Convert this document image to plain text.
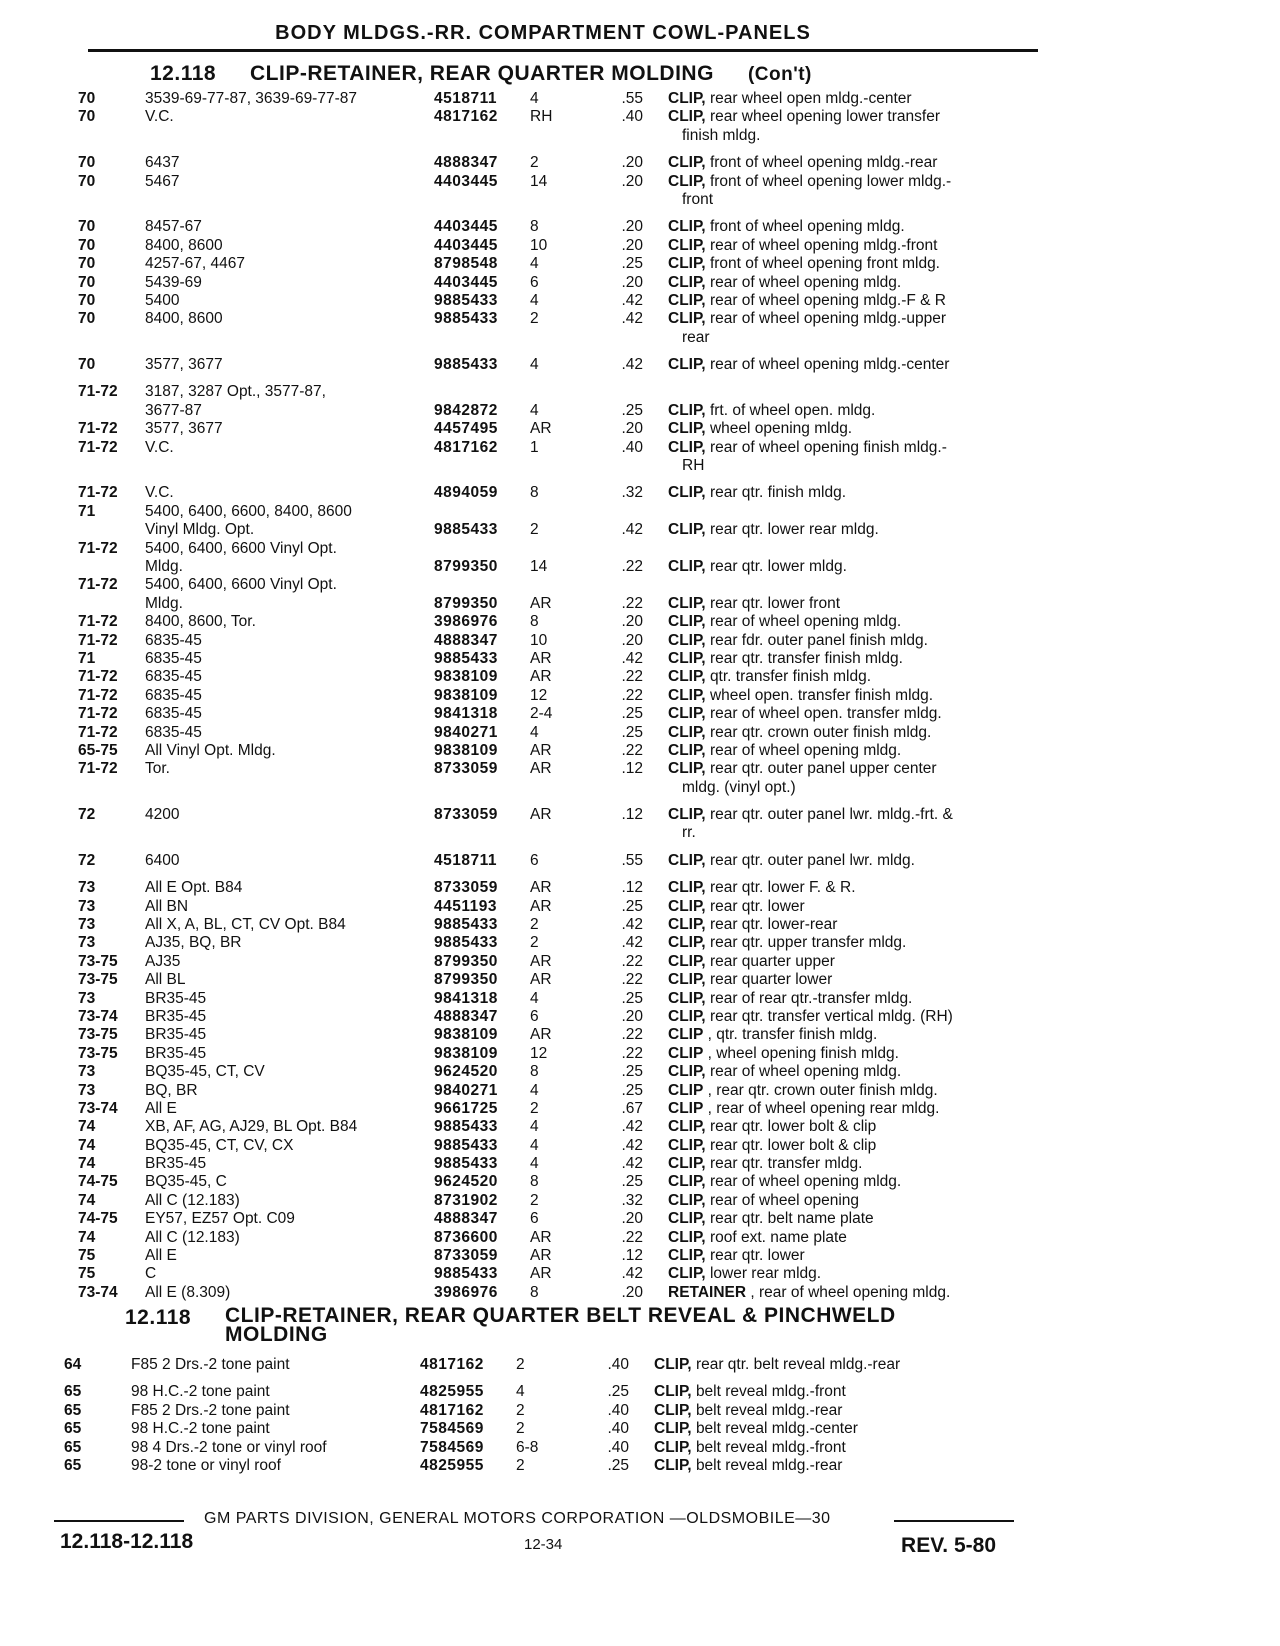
BODY MLDGS.-RR. COMPARTMENT COWL-PANELS
12.118 CLIP-RETAINER, REAR QUARTER MOLDING (Con't)
70	3539-69-77-87, 3639-69-77-87 . . .	4518711 4	.55 CLIP, rear wheel open mldg.-center . . .
70	V.C. . . .	4817162 RH	.40 CLIP, rear wheel opening lower transfer . . .
finish mldg. . . .
70	6437 . . .	4888347 2	.20 CLIP, front of wheel opening mldg.-rear . . .
70	5467 . . .	4403445 14	.20 CLIP, front of wheel opening lower mldg.- . . .
front . . .
70	8457-67 . . .	4403445 8	.20 CLIP, front of wheel opening mldg. . . .
70	8400, 8600 . . .	4403445 10	.20 CLIP, rear of wheel opening mldg.-front . . .
70	4257-67, 4467 . . .	8798548 4	.25 CLIP, front of wheel opening front mldg. . . .
70	5439-69 . . .	4403445 6	.20 CLIP, rear of wheel opening mldg. . . .
70	5400 . . .	9885433 4	.42 CLIP, rear of wheel opening mldg.-F & R . . .
70	8400, 8600 . . .	9885433 2	.42 CLIP, rear of wheel opening mldg.-upper . . .
rear . . .
70	3577, 3677 . . .	9885433 4	.42 CLIP, rear of wheel opening mldg.-center . . .
71-72	3187, 3287 Opt., 3577-87, . . .
3677-87 . . .	9842872 4	.25 CLIP, frt. of wheel open. mldg. . . .
71-72	3577, 3677 . . .	4457495 AR	.20 CLIP, wheel opening mldg. . . .
71-72	V.C. . . .	4817162 1	.40 CLIP, rear of wheel opening finish mldg.- . . .
RH . . .
71-72	V.C. . . .	4894059 8	.32 CLIP, rear qtr. finish mldg. . . .
71	5400, 6400, 6600, 8400, 8600 . . .
Vinyl Mldg. Opt. . . .	9885433 2	.42 CLIP, rear qtr. lower rear mldg. . . .
71-72	5400, 6400, 6600 Vinyl Opt. . . .
Mldg. . . .	8799350 14	.22 CLIP, rear qtr. lower mldg. . . .
71-72	5400, 6400, 6600 Vinyl Opt. . . .
Mldg. . . .	8799350 AR	.22 CLIP, rear qtr. lower front . . .
71-72	8400, 8600, Tor. . . .	3986976 8	.20 CLIP, rear of wheel opening mldg. . . .
71-72	6835-45 . . .	4888347 10	.20 CLIP, rear fdr. outer panel finish mldg. . . .
71	6835-45 . . .	9885433 AR	.42 CLIP, rear qtr. transfer finish mldg. . . .
71-72	6835-45 . . .	9838109 AR	.22 CLIP, qtr. transfer finish mldg. . . .
71-72	6835-45 . . .	9838109 12	.22 CLIP, wheel open. transfer finish mldg. . . .
71-72	6835-45 . . .	9841318 2-4	.25 CLIP, rear of wheel open. transfer mldg. . . .
71-72	6835-45 . . .	9840271 4	.25 CLIP, rear qtr. crown outer finish mldg. . . .
65-75	All Vinyl Opt. Mldg. . . .	9838109 AR	.22 CLIP, rear of wheel opening mldg. . . .
71-72	Tor. . . .	8733059 AR	.12 CLIP, rear qtr. outer panel upper center . . .
mldg. (vinyl opt.) . . .
72	4200 . . .	8733059 AR	.12 CLIP, rear qtr. outer panel lwr. mldg.-frt. & . . .
rr. . . .
72	6400 . . .	4518711 6	.55 CLIP, rear qtr. outer panel lwr. mldg. . . .
73	All E Opt. B84 . . .	8733059 AR	.12 CLIP, rear qtr. lower F. & R. . . .
73	All BN . . .	4451193 AR	.25 CLIP, rear qtr. lower . . .
73	All X, A, BL, CT, CV Opt. B84 . . .	9885433 2	.42 CLIP, rear qtr. lower-rear . . .
73	AJ35, BQ, BR . . .	9885433 2	.42 CLIP, rear qtr. upper transfer mldg. . . .
73-75	AJ35 . . .	8799350 AR	.22 CLIP, rear quarter upper . . .
73-75	All BL . . .	8799350 AR	.22 CLIP, rear quarter lower . . .
73	BR35-45 . . .	9841318 4	.25 CLIP, rear of rear qtr.-transfer mldg. . . .
73-74	BR35-45 . . .	4888347 6	.20 CLIP, rear qtr. transfer vertical mldg. (RH) . . .
73-75	BR35-45 . . .	9838109 AR	.22 CLIP , qtr. transfer finish mldg. . . .
73-75	BR35-45 . . .	9838109 12	.22 CLIP , wheel opening finish mldg. . . .
73	BQ35-45, CT, CV . . .	9624520 8	.25 CLIP, rear of wheel opening mldg. . . .
73	BQ, BR . . .	9840271 4	.25 CLIP , rear qtr. crown outer finish mldg. . . .
73-74	All E . . .	9661725 2	.67 CLIP , rear of wheel opening rear mldg. . . .
74	XB, AF, AG, AJ29, BL Opt. B84 . . .	9885433 4	.42 CLIP, rear qtr. lower bolt & clip . . .
74	BQ35-45, CT, CV, CX . . .	9885433 4	.42 CLIP, rear qtr. lower bolt & clip . . .
74	BR35-45 . . .	9885433 4	.42 CLIP, rear qtr. transfer mldg. . . .
74-75	BQ35-45, C . . .	9624520 8	.25 CLIP, rear of wheel opening mldg. . . .
74	All C (12.183) . . .	8731902 2	.32 CLIP, rear of wheel opening . . .
74-75	EY57, EZ57 Opt. C09 . . .	4888347 6	.20 CLIP, rear qtr. belt name plate . . .
74	All C (12.183) . . .	8736600 AR	.22 CLIP, roof ext. name plate . . .
75	All E . . .	8733059 AR	.12 CLIP, rear qtr. lower . . .
75	C . . .	9885433 AR	.42 CLIP, lower rear mldg. . . .
73-74	All E (8.309) . . .	3986976 8	.20 RETAINER , rear of wheel opening mldg. . . .
12.118 CLIP-RETAINER, REAR QUARTER BELT REVEAL & PINCHWELD
MOLDING
64	F85 2 Drs.-2 tone paint . . .	4817162 2	.40 CLIP, rear qtr. belt reveal mldg.-rear . . .
65	98 H.C.-2 tone paint . . .	4825955 4	.25 CLIP, belt reveal mldg.-front . . .
65	F85 2 Drs.-2 tone paint . . .	4817162 2	.40 CLIP, belt reveal mldg.-rear . . .
65	98 H.C.-2 tone paint . . .	7584569 2	.40 CLIP, belt reveal mldg.-center . . .
65	98 4 Drs.-2 tone or vinyl roof . . .	7584569 6-8	.40 CLIP, belt reveal mldg.-front . . .
65	98-2 tone or vinyl roof . . .	4825955 2	.25 CLIP, belt reveal mldg.-rear . . .
GM PARTS DIVISION, GENERAL MOTORS CORPORATION —OLDSMOBILE—30
12.118-12.118	12-34	REV. 5-80
